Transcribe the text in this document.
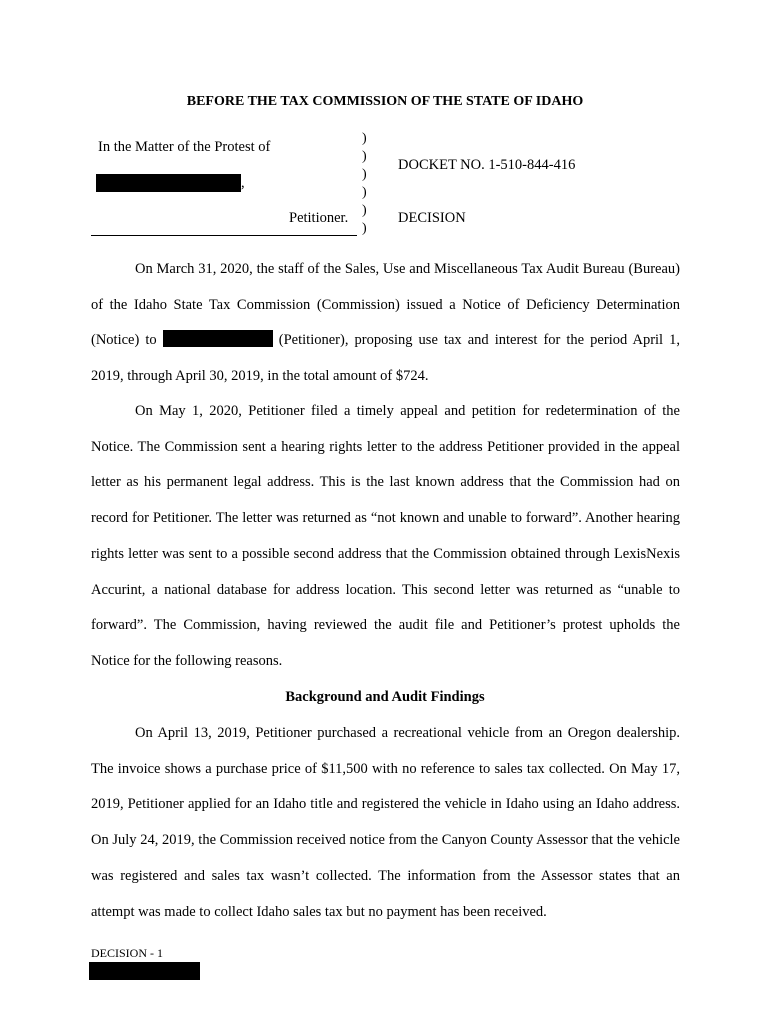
BEFORE THE TAX COMMISSION OF THE STATE OF IDAHO
In the Matter of the Protest of
,
Petitioner.
)
)
)
)
)
)
DOCKET NO. 1-510-844-416
DECISION
On March 31, 2020, the staff of the Sales, Use and Miscellaneous Tax Audit Bureau (Bureau) of the Idaho State Tax Commission (Commission) issued a Notice of Deficiency Determination (Notice) to	(Petitioner), proposing use tax and interest for the period April 1, 2019, through April 30, 2019, in the total amount of $724.
On May 1, 2020, Petitioner filed a timely appeal and petition for redetermination of the Notice. The Commission sent a hearing rights letter to the address Petitioner provided in the appeal letter as his permanent legal address. This is the last known address that the Commission had on record for Petitioner. The letter was returned as “not known and unable to forward”. Another hearing rights letter was sent to a possible second address that the Commission obtained through LexisNexis Accurint, a national database for address location. This second letter was returned as “unable to forward”. The Commission, having reviewed the audit file and Petitioner’s protest upholds the Notice for the following reasons.
Background and Audit Findings
On April 13, 2019, Petitioner purchased a recreational vehicle from an Oregon dealership. The invoice shows a purchase price of $11,500 with no reference to sales tax collected. On May 17, 2019, Petitioner applied for an Idaho title and registered the vehicle in Idaho using an Idaho address. On July 24, 2019, the Commission received notice from the Canyon County Assessor that the vehicle was registered and sales tax wasn’t collected. The information from the Assessor states that an attempt was made to collect Idaho sales tax but no payment has been received.
DECISION - 1
